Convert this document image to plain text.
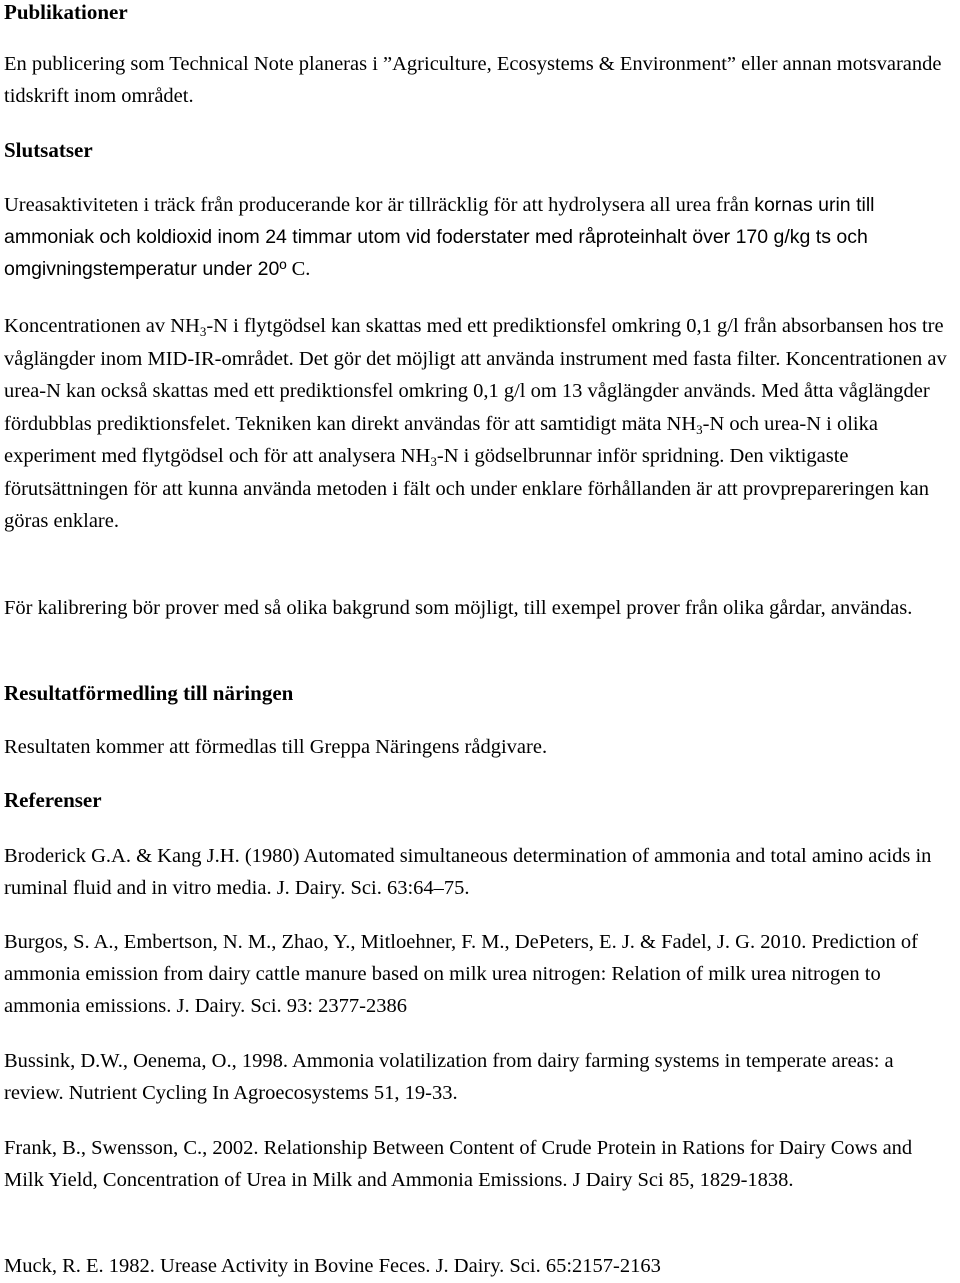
Publikationer
En publicering som Technical Note planeras i ”Agriculture, Ecosystems & Environment” eller annan motsvarande tidskrift inom området.
Slutsatser
Ureasaktiviteten i träck från producerande kor är tillräcklig för att hydrolysera all urea från kornas urin till ammoniak och koldioxid inom 24 timmar utom vid foderstater med råproteinhalt över 170 g/kg ts och omgivningstemperatur under 20º C.
Koncentrationen av NH3-N i flytgödsel kan skattas med ett prediktionsfel omkring 0,1 g/l från absorbansen hos tre våglängder inom MID-IR-området. Det gör det möjligt att använda instrument med fasta filter. Koncentrationen av urea-N kan också skattas med ett prediktionsfel omkring 0,1 g/l om 13 våglängder används. Med åtta våglängder fördubblas prediktionsfelet. Tekniken kan direkt användas för att samtidigt mäta NH3-N och urea-N i olika experiment med flytgödsel och för att analysera NH3-N i gödselbrunnar inför spridning. Den viktigaste förutsättningen för att kunna använda metoden i fält och under enklare förhållanden är att provprepareringen kan göras enklare.
För kalibrering bör prover med så olika bakgrund som möjligt, till exempel prover från olika gårdar, användas.
Resultatförmedling till näringen
Resultaten kommer att förmedlas till Greppa Näringens rådgivare.
Referenser
Broderick G.A. & Kang J.H. (1980) Automated simultaneous determination of ammonia and total amino acids in ruminal fluid and in vitro media. J. Dairy. Sci. 63:64–75.
Burgos, S. A., Embertson, N. M., Zhao, Y., Mitloehner, F. M., DePeters, E. J. & Fadel, J. G. 2010. Prediction of ammonia emission from dairy cattle manure based on milk urea nitrogen: Relation of milk urea nitrogen to ammonia emissions. J. Dairy. Sci. 93: 2377-2386
Bussink, D.W., Oenema, O., 1998. Ammonia volatilization from dairy farming systems in temperate areas: a review. Nutrient Cycling In Agroecosystems 51, 19-33.
Frank, B., Swensson, C., 2002. Relationship Between Content of Crude Protein in Rations for Dairy Cows and Milk Yield, Concentration of Urea in Milk and Ammonia Emissions. J Dairy Sci 85, 1829-1838.
Muck, R. E. 1982. Urease Activity in Bovine Feces. J. Dairy. Sci. 65:2157-2163
